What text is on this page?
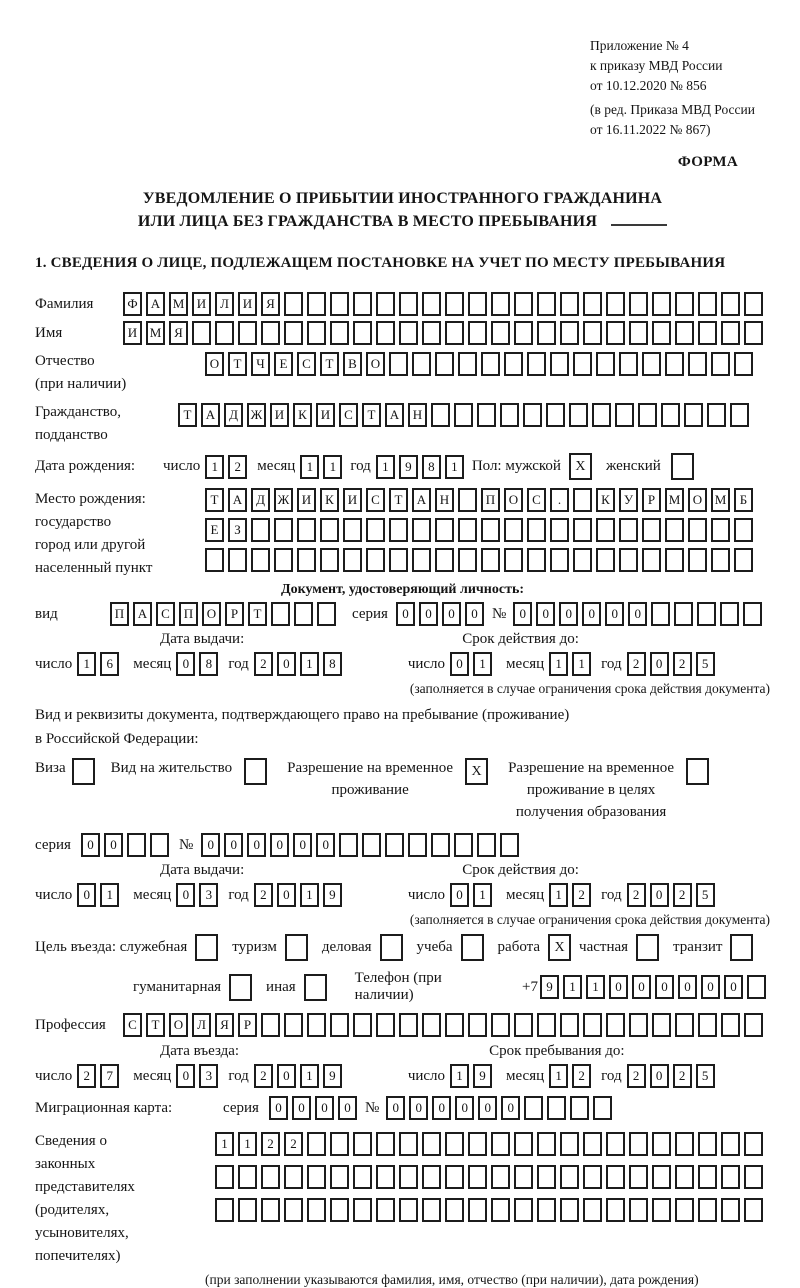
Приложение № 4
к приказу МВД России
от 10.12.2020 № 856
(в ред. Приказа МВД России
от 16.11.2022 № 867)
ФОРМА
УВЕДОМЛЕНИЕ О ПРИБЫТИИ ИНОСТРАННОГО ГРАЖДАНИНА
ИЛИ ЛИЦА БЕЗ ГРАЖДАНСТВА В МЕСТО ПРЕБЫВАНИЯ
1. СВЕДЕНИЯ О ЛИЦЕ, ПОДЛЕЖАЩЕМ ПОСТАНОВКЕ НА УЧЕТ ПО МЕСТУ ПРЕБЫВАНИЯ
Фамилия	Ф	А М И	Л	И	Я
Имя	И М Я
Отчество
(при наличии)
О	Т	Ч	Е	С	Т	В	О
Гражданство,
подданство
Т	А	Д Ж И	К	И	С	Т	А	Н
Дата рождения:	число 1	2	месяц 1	1 год 1	9	8	1 Пол: мужской	X	женский
Место рождения:
государство
город или другой
населенный пункт
Т	А	Д Ж И	К	И	С	Т	А	Н	П	О	С	.	К	У	Р	М О М	Б
Е	З
Документ, удостоверяющий личность:
вид	П	А	С	П	О	Р	Т	серия	0	0	0	0 №	0	0	0	0	0	0
Дата выдачи:	Срок действия до:
число 1	6	месяц 0	8	год 2	0	1	8	число 0	1	месяц 1	1	год 2	0	2	5
(заполняется в случае ограничения срока действия документа)
Вид и реквизиты документа, подтверждающего право на пребывание (проживание)
в Российской Федерации:
Виза	Вид на жительство	Разрешение на временное
проживание
X	Разрешение на временное
проживание в целях
получения образования
серия	0	0	№	0	0	0	0	0	0
Дата выдачи:	Срок действия до:
число 0	1	месяц 0	3	год 2	0	1	9	число 0	1	месяц 1	2	год 2	0	2	5
(заполняется в случае ограничения срока действия документа)
Цель въезда: служебная	туризм	деловая	учеба	работа	X частная	транзит
гуманитарная	иная
Телефон (при наличии)
+7 9	1	1	0	0	0	0	0	0
Профессия	С	Т	О	Л	Я	Р
Дата въезда:	Срок пребывания до:
число 2	7	месяц 0	3	год 2	0	1	9	число 1	9	месяц 1	2	год 2	0	2	5
Миграционная карта:	серия	0	0	0	0 №	0	0	0	0	0	0
Сведения о
законных
представителях
(родителях,
усыновителях,
попечителях)
1	1	2	2
(при заполнении указываются фамилия, имя, отчество (при наличии), дата рождения)
